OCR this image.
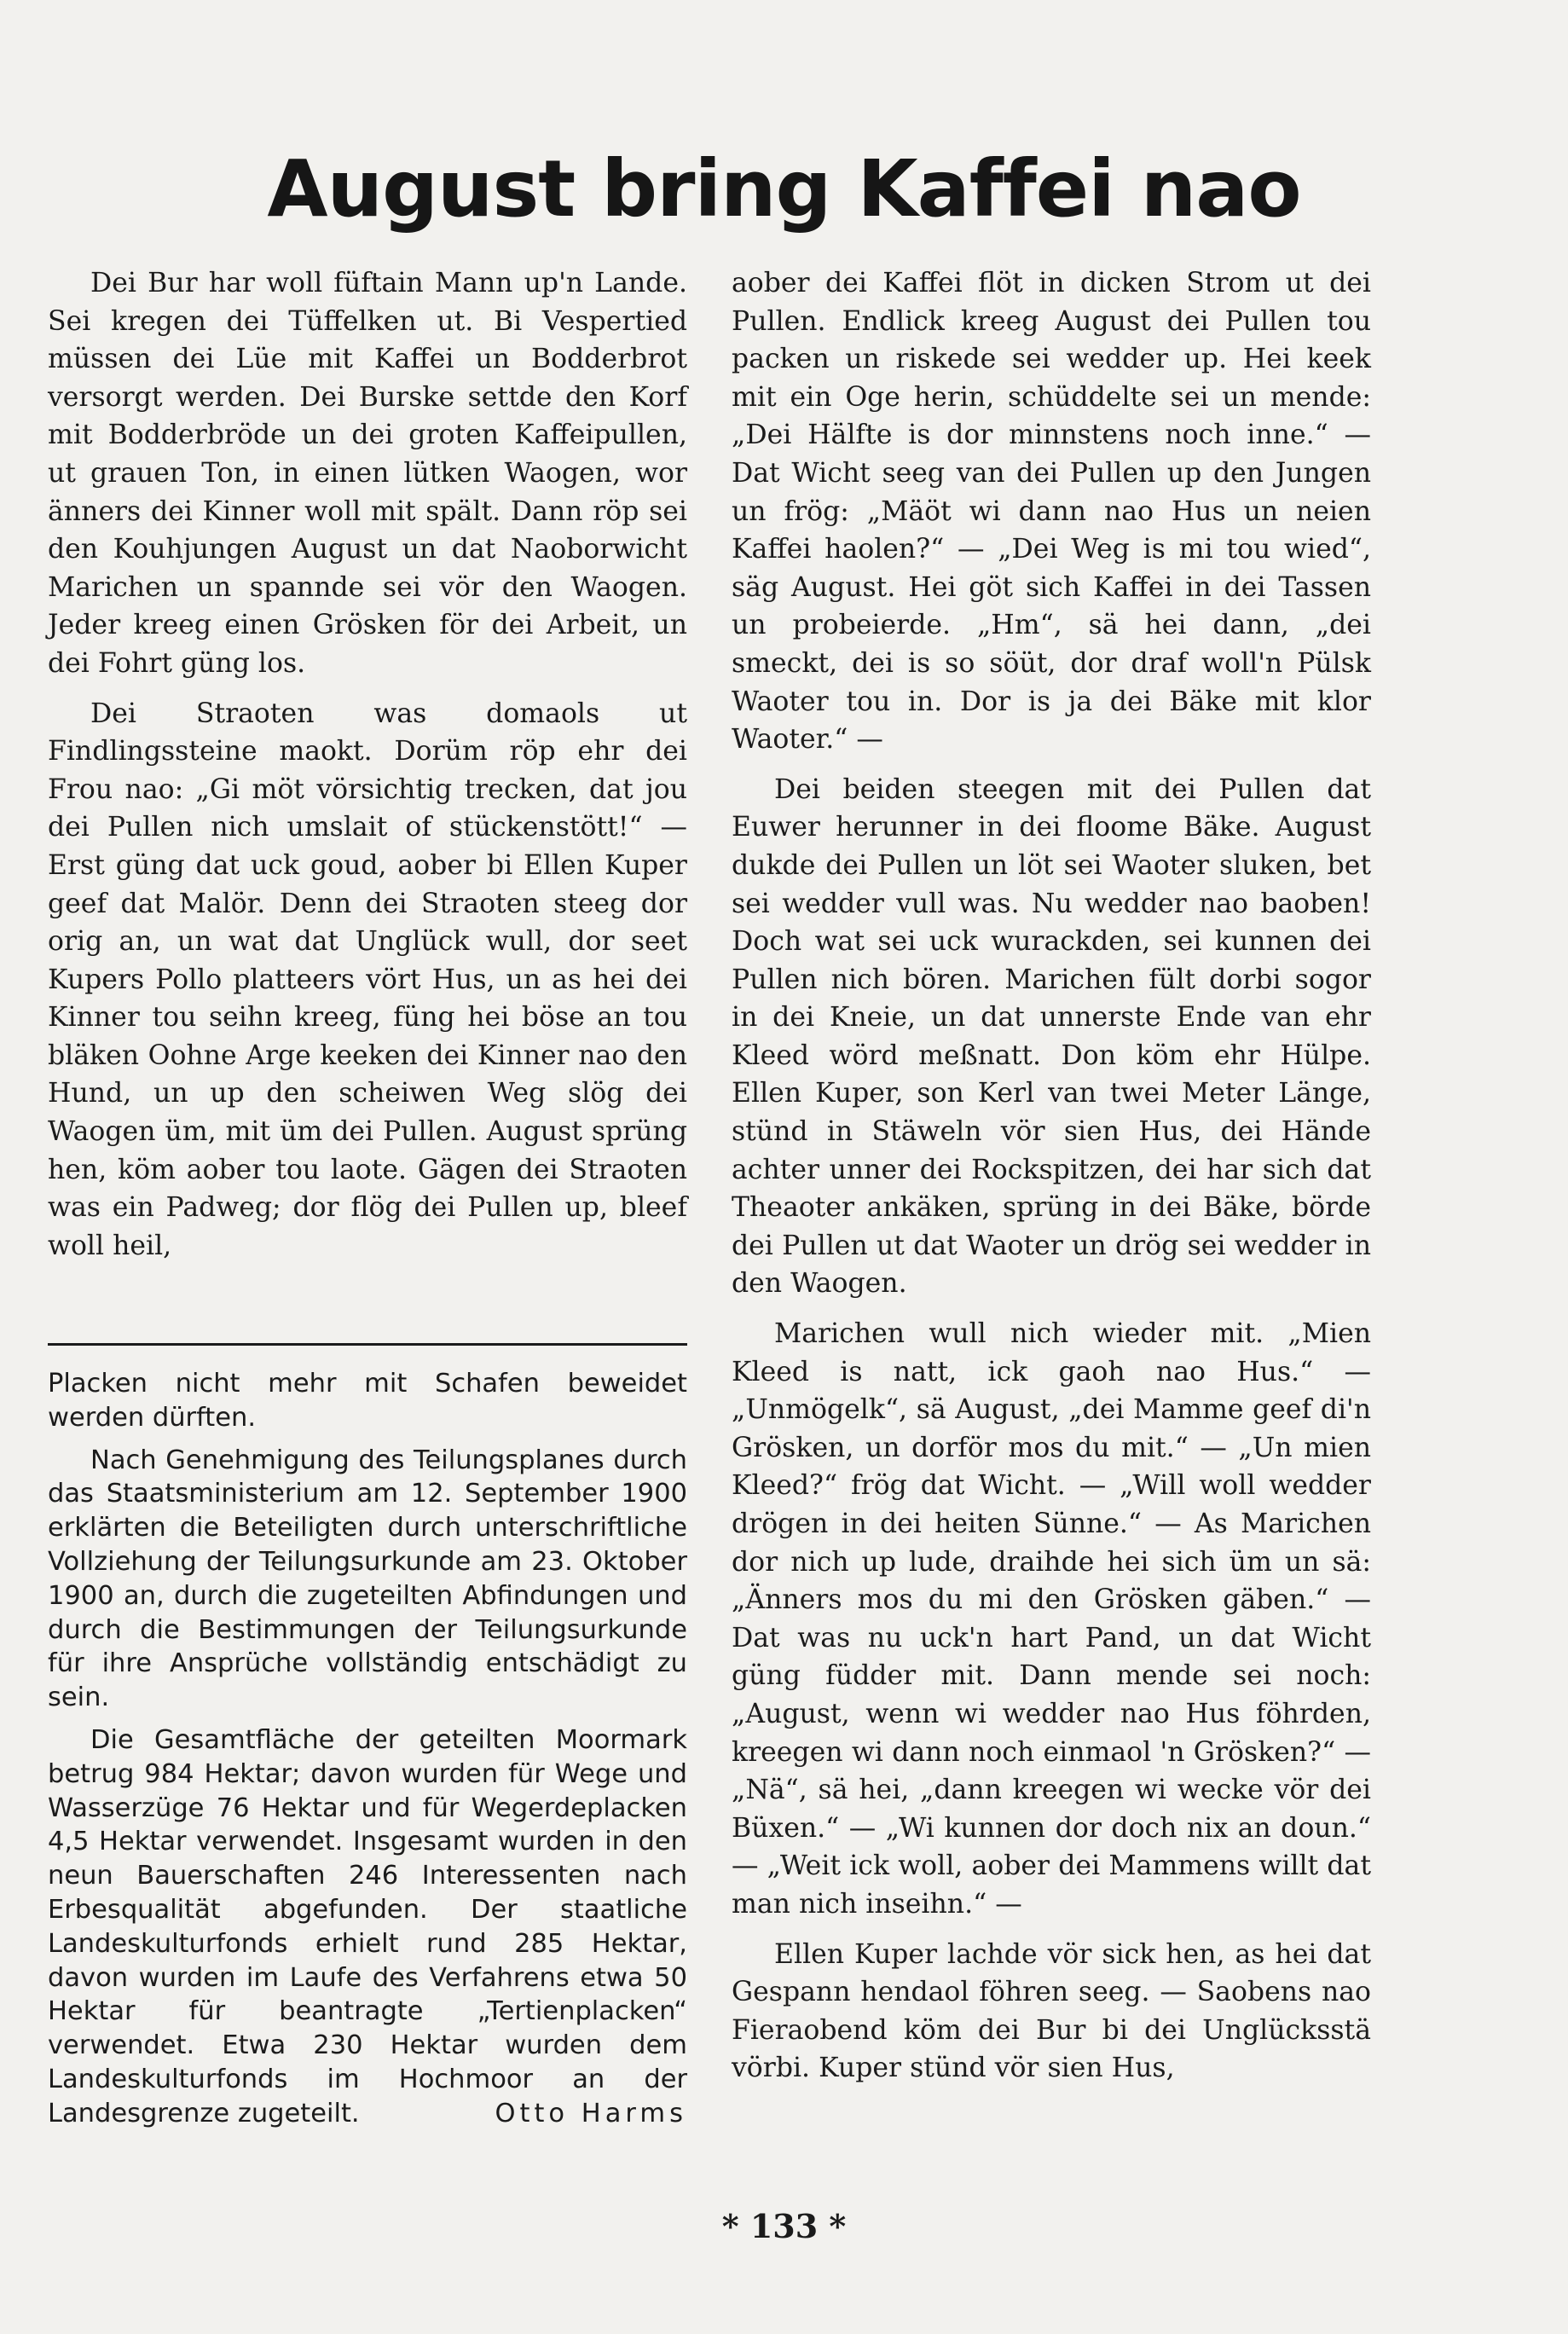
August bring Kaffei nao

Dei Bur har woll füftain Mann up'n Lande. Sei kregen dei Tüffelken ut. Bi Vespertied müssen dei Lüe mit Kaffei un Bodderbrot versorgt werden. Dei Burske settde den Korf mit Bodderbröde un dei groten Kaffeipullen, ut grauen Ton, in einen lütken Waogen, wor änners dei Kinner woll mit spält. Dann röp sei den Kouhjungen August un dat Naoborwicht Marichen un spannde sei vör den Waogen. Jeder kreeg einen Grösken för dei Arbeit, un dei Fohrt güng los.

Dei Straoten was domaols ut Findlingssteine maokt. Dorüm röp ehr dei Frou nao: „Gi möt vörsichtig trecken, dat jou dei Pullen nich umslait of stückenstött!“ — Erst güng dat uck goud, aober bi Ellen Kuper geef dat Malör. Denn dei Straoten steeg dor orig an, un wat dat Unglück wull, dor seet Kupers Pollo platteers vört Hus, un as hei dei Kinner tou seihn kreeg, füng hei böse an tou bläken Oohne Arge keeken dei Kinner nao den Hund, un up den scheiwen Weg slög dei Waogen üm, mit üm dei Pullen. August sprüng hen, köm aober tou laote. Gägen dei Straoten was ein Padweg; dor flög dei Pullen up, bleef woll heil,

Placken nicht mehr mit Schafen beweidet werden dürften.

Nach Genehmigung des Teilungsplanes durch das Staatsministerium am 12. September 1900 erklärten die Beteiligten durch unterschriftliche Vollziehung der Teilungsurkunde am 23. Oktober 1900 an, durch die zugeteilten Abfindungen und durch die Bestimmungen der Teilungsurkunde für ihre Ansprüche vollständig entschädigt zu sein.

Die Gesamtfläche der geteilten Moormark betrug 984 Hektar; davon wurden für Wege und Wasserzüge 76 Hektar und für Wegerdeplacken 4,5 Hektar verwendet. Insgesamt wurden in den neun Bauerschaften 246 Interessenten nach Erbesqualität abgefunden. Der staatliche Landeskulturfonds erhielt rund 285 Hektar, davon wurden im Laufe des Verfahrens etwa 50 Hektar für beantragte „Tertienplacken“ verwendet. Etwa 230 Hektar wurden dem Landeskulturfonds im Hochmoor an der Landesgrenze zugeteilt.	Otto Harms

aober dei Kaffei flöt in dicken Strom ut dei Pullen. Endlick kreeg August dei Pullen tou packen un riskede sei wedder up. Hei keek mit ein Oge herin, schüddelte sei un mende: „Dei Hälfte is dor minnstens noch inne.“ — Dat Wicht seeg van dei Pullen up den Jungen un frög: „Mäöt wi dann nao Hus un neien Kaffei haolen?“ — „Dei Weg is mi tou wied“, säg August. Hei göt sich Kaffei in dei Tassen un probeierde. „Hm“, sä hei dann, „dei smeckt, dei is so söüt, dor draf woll'n Pülsk Waoter tou in. Dor is ja dei Bäke mit klor Waoter.“ —

Dei beiden steegen mit dei Pullen dat Euwer herunner in dei floome Bäke. August dukde dei Pullen un löt sei Waoter sluken, bet sei wedder vull was. Nu wedder nao baoben! Doch wat sei uck wurackden, sei kunnen dei Pullen nich bören. Marichen fült dorbi sogor in dei Kneie, un dat unnerste Ende van ehr Kleed wörd meßnatt. Don köm ehr Hülpe. Ellen Kuper, son Kerl van twei Meter Länge, stünd in Stäweln vör sien Hus, dei Hände achter unner dei Rockspitzen, dei har sich dat Theaoter ankäken, sprüng in dei Bäke, börde dei Pullen ut dat Waoter un drög sei wedder in den Waogen.

Marichen wull nich wieder mit. „Mien Kleed is natt, ick gaoh nao Hus.“ — „Unmögelk“, sä August, „dei Mamme geef di'n Grösken, un dorför mos du mit.“ — „Un mien Kleed?“ frög dat Wicht. — „Will woll wedder drögen in dei heiten Sünne.“ — As Marichen dor nich up lude, draihde hei sich üm un sä: „Änners mos du mi den Grösken gäben.“ — Dat was nu uck'n hart Pand, un dat Wicht güng füdder mit. Dann mende sei noch: „August, wenn wi wedder nao Hus föhrden, kreegen wi dann noch einmaol 'n Grösken?“ — „Nä“, sä hei, „dann kreegen wi wecke vör dei Büxen.“ — „Wi kunnen dor doch nix an doun.“ — „Weit ick woll, aober dei Mammens willt dat man nich inseihn.“ —

Ellen Kuper lachde vör sick hen, as hei dat Gespann hendaol föhren seeg. — Saobens nao Fieraobend köm dei Bur bi dei Unglücksstä vörbi. Kuper stünd vör sien Hus,

* 133 *
